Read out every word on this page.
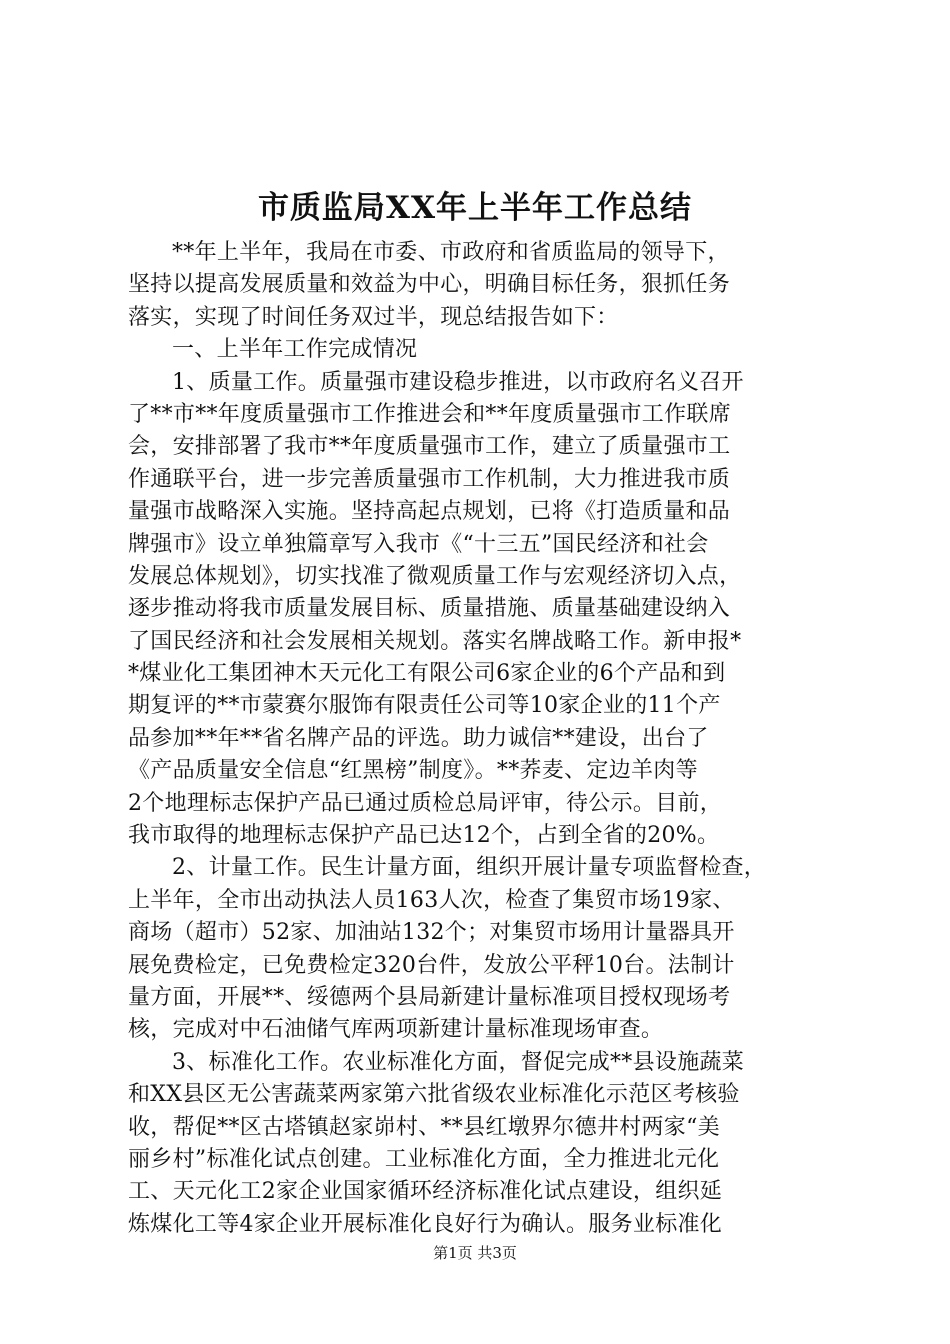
市质监局XX年上半年工作总结
**年上半年，我局在市委、市政府和省质监局的领导下，
坚持以提高发展质量和效益为中心，明确目标任务，狠抓任务
落实，实现了时间任务双过半，现总结报告如下：
一、上半年工作完成情况
1、质量工作。质量强市建设稳步推进，以市政府名义召开
了**市**年度质量强市工作推进会和**年度质量强市工作联席
会，安排部署了我市**年度质量强市工作，建立了质量强市工
作通联平台，进一步完善质量强市工作机制，大力推进我市质
量强市战略深入实施。坚持高起点规划，已将《打造质量和品
牌强市》设立单独篇章写入我市《“十三五”国民经济和社会
发展总体规划》，切实找准了微观质量工作与宏观经济切入点，
逐步推动将我市质量发展目标、质量措施、质量基础建设纳入
了国民经济和社会发展相关规划。落实名牌战略工作。新申报*
*煤业化工集团神木天元化工有限公司6家企业的6个产品和到
期复评的**市蒙赛尔服饰有限责任公司等10家企业的11个产
品参加**年**省名牌产品的评选。助力诚信**建设，出台了
《产品质量安全信息“红黑榜”制度》。**荞麦、定边羊肉等
2个地理标志保护产品已通过质检总局评审，待公示。目前，
我市取得的地理标志保护产品已达12个，占到全省的20%。
2、计量工作。民生计量方面，组织开展计量专项监督检查，
上半年，全市出动执法人员163人次，检查了集贸市场19家、
商场（超市）52家、加油站132个；对集贸市场用计量器具开
展免费检定，已免费检定320台件，发放公平秤10台。法制计
量方面，开展**、绥德两个县局新建计量标准项目授权现场考
核，完成对中石油储气库两项新建计量标准现场审查。
3、标准化工作。农业标准化方面，督促完成**县设施蔬菜
和XX县区无公害蔬菜两家第六批省级农业标准化示范区考核验
收，帮促**区古塔镇赵家峁村、**县红墩界尔德井村两家“美
丽乡村”标准化试点创建。工业标准化方面，全力推进北元化
工、天元化工2家企业国家循环经济标准化试点建设，组织延
炼煤化工等4家企业开展标准化良好行为确认。服务业标准化
第1页 共3页
